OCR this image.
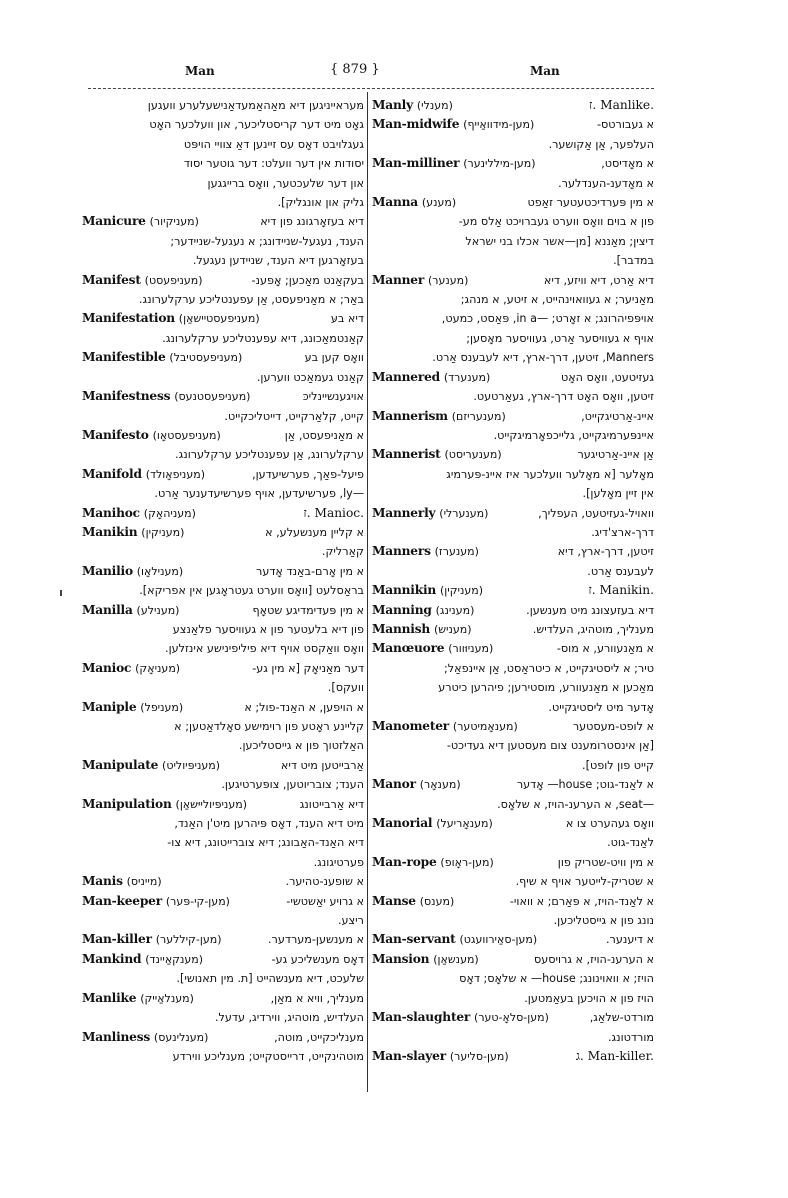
Man	{ 879 }	Man
מּעראייניגען דיא מאַהאַמעדאַנישעלערע וועגען
גאָט מיט דער קריסטליכער, און וועלכער האָט
געגלויבט דאָס עס זיינען דאַ צוויי הויפּט
יסודות אין דער וועלט: דער גוטער יסוד
און דער שלעכטער, וואָס ברייגגען
גליק און אונגליק].
Manicure (מעניקיור)	דיא בעזאָרגונג פון דיא
הענד, נעגעל-שניידונג; א נעגעל-שניידער;
בעזאָרגען דיא הענד, שניידען נעגעל.
Manifest (מעניפעסט)	בעקאַנט מאַכען; אָפענ-
באַר; א מאַניפעסט, אַן עפענטליכע ערקלערונג.
Manifestation (מעניפעסטיישאַן)	דיא בעּ
קאַנטמאַכונג, דיא עפענטליכע ערקלערונג.
Manifestible (מעניפעסטיבל)	וואָס קען בעּ
קאַנט געמאַכט ווערען.
Manifestness (מעניפעסטנעס)	אויגענשיינליכּ
קייט, קלאַרקייט, דייטליכקייט.
Manifesto (מעניפעסטאָו)	א מאַניפעסט, אַן
ערקלערונג, אַן עפענטליכע ערקלערונג.
Manifold (מעניפאָולד)	פיעל-פאַך, פערשיעדען,
—ly, פערשיעדען, אויף פערשיעדענער אַרט.
Manihoc (מעניהאָק)	ז. Manioc.
Manikin (מעניקין)	א קליין מענשעלע, א
קאַרליק.
Manilio (מענילאָו)	א מין אָרם-באַנד אָדער
בראַסלעט [וואָס ווערט געטראָגען אין אפריקא].
Manilla (מענילע)	א מין פּעדימדיגע שטאָף
פון דיא בלעטער פון א געוויסער פלאַנצע
וואָס וואַקסט אויף דיא פיליפינישע אינזלען.
Manioc (מעניאָק)	דער מאַניאָק [א מין גע-
וועקס].
Maniple (מעניפל)	א הויפען, א האַנד-פול; א
קליינע ראָטע פון רוימישע סאָלדאַטען; א
האַלזטוך פון א גייסטליכען.
Manipulate (מעניפּיוליט)	אַרבייטען מיט דיא
הענד; צובריוטען, צופּערטיגען.
Manipulation (מעניפּיולייּשאַן)	דיא אַרבייטונג
מיט דיא הענד, דאָס פּיהרען מיט'ן האַנד,
דיא האַנד-האַבונג; דיא צוברייטונג, דיא צו-
פערטיגונג.
Manis (מייניס)	א שופענ-טהיער.
Man-keeper (מען-קי-פּער)	א גרויע יאַשטשי-
ריצע.
Man-killer (מען-קיללער)	א מענשען-מערדער.
Mankind (מענקאַיינד)	דאָס מענשליכע גע-
שלעכט, דיא מענשהייט [ת. מין תאנושי].
Manlike (מענלאַייק)	מענליך, וויא א מאַן,
העלדיש, מוטהיג, ווירדיג, עדעל.
Manliness (מענלינעס)	מענליכקייט, מוטה,
מוטהינקייט, דרייסטקייט; מענליכע ווירדע
Manly (מענלי)	ז. Manlike.
Man-midwife (מען-מידוואַייף)	א געבורטס-
העלפער, אַן אַקושער.
Man-milliner (מען-מיללינער)	א מאָדיסט,
א מאָדענ-הענדלער.
Manna (מענע)	א מין פּערדיכטעטער זאַפט
פון א בוים וואָס ווערט געברויכט אַלס מע-
דיצין; מאַננא [מן—אשר אכלו בני ישראל
במדבר].
Manner (מענער)	דיא אַרט, דיא וויזע, דיא
מאַניער; א געוואוינהייט, א זיטע, א מנהג;
אויפּפיהרונג; א זאָרט; —in a, פּאַסט, כמעט,
אויף א געוויסער אַרט, געוויסער מאָסען;
Manners, זיטען, דרך-ארץ, דיא לעבענס אַרט.
Mannered (מענערד)	געזיטעט, וואָס האָט
זיטען, וואָס האָט דרך-ארץ, געאַרטעט.
Mannerism (מענעריזם)	איינ-אַרטיגקייט,
איינפּערמיגקייט, גלייכפאָרמיגקייט.
Mannerist (מענעריסט)	אַן איינ-אַרטיגער
מאָלער [א מאָלער וועלכער איז איינ-פּערמיג
אין זיין מאָלען].
Mannerly (מענערלי)	וואויל-געזיטעט, העפליך,
דרך-ארצ'דיג.
Manners (מענערז)	זיטען, דרך-ארץ, דיא
לעבענס אַרט.
Mannikin (מעניקין)	ז. Manikin.
Manning (מענינג)	דיא בעזעצונג מיט מענשען.
Mannish (מעניש)	מענליך, מוטהיג, העלדיש.
Manœuore (מעניוּוור)	א מאַנעוורע, א מוס-
טיר; א ליסטיגקייט, א כיטראַסט, אַן איינפאַל;
מאַכען א מאַנעוורע, מוסטירען; פיהרען כיטרע
אָדער מיט ליסטיגקייט.
Manometer (מענאָמיטער)	א לופט-מעסטער
[אַן אינסטרומענט צום מעסטען דיא געדיכט-
קייט פון לופט].
Manor (מענאָר)	א לאַנד-גוט; house— אָדער
—seat, א הערענ-הויז, א שלאָס.
Manorial (מענאָריעל)	וואָס געהערט צו א
לאַנד-גוט.
Man-rope (מען-ראָופ)	א מין וויט-שטריק פון
א שטריק-לייטער אויף א שיף.
Manse (מענס)	א לאַנד-הויז, א פּאַרם; א וואוי-
נונג פון א גייסטליכען.
Man-servant (מען-סאַירוועגט)	א דיענער.
Mansion (מענשאַן)	א הערענ-הויז, א גרויסעס
הויז; א וואוינונג; house— א שלאָס; דאָס
הויז פון א הויכען בעאַמטען.
Man-slaughter (מען-סלאָ-טער)	מורדט-שלאַג,
מורדטונג.
Man-slayer (מען-סליער)	ג. Man-killer.
